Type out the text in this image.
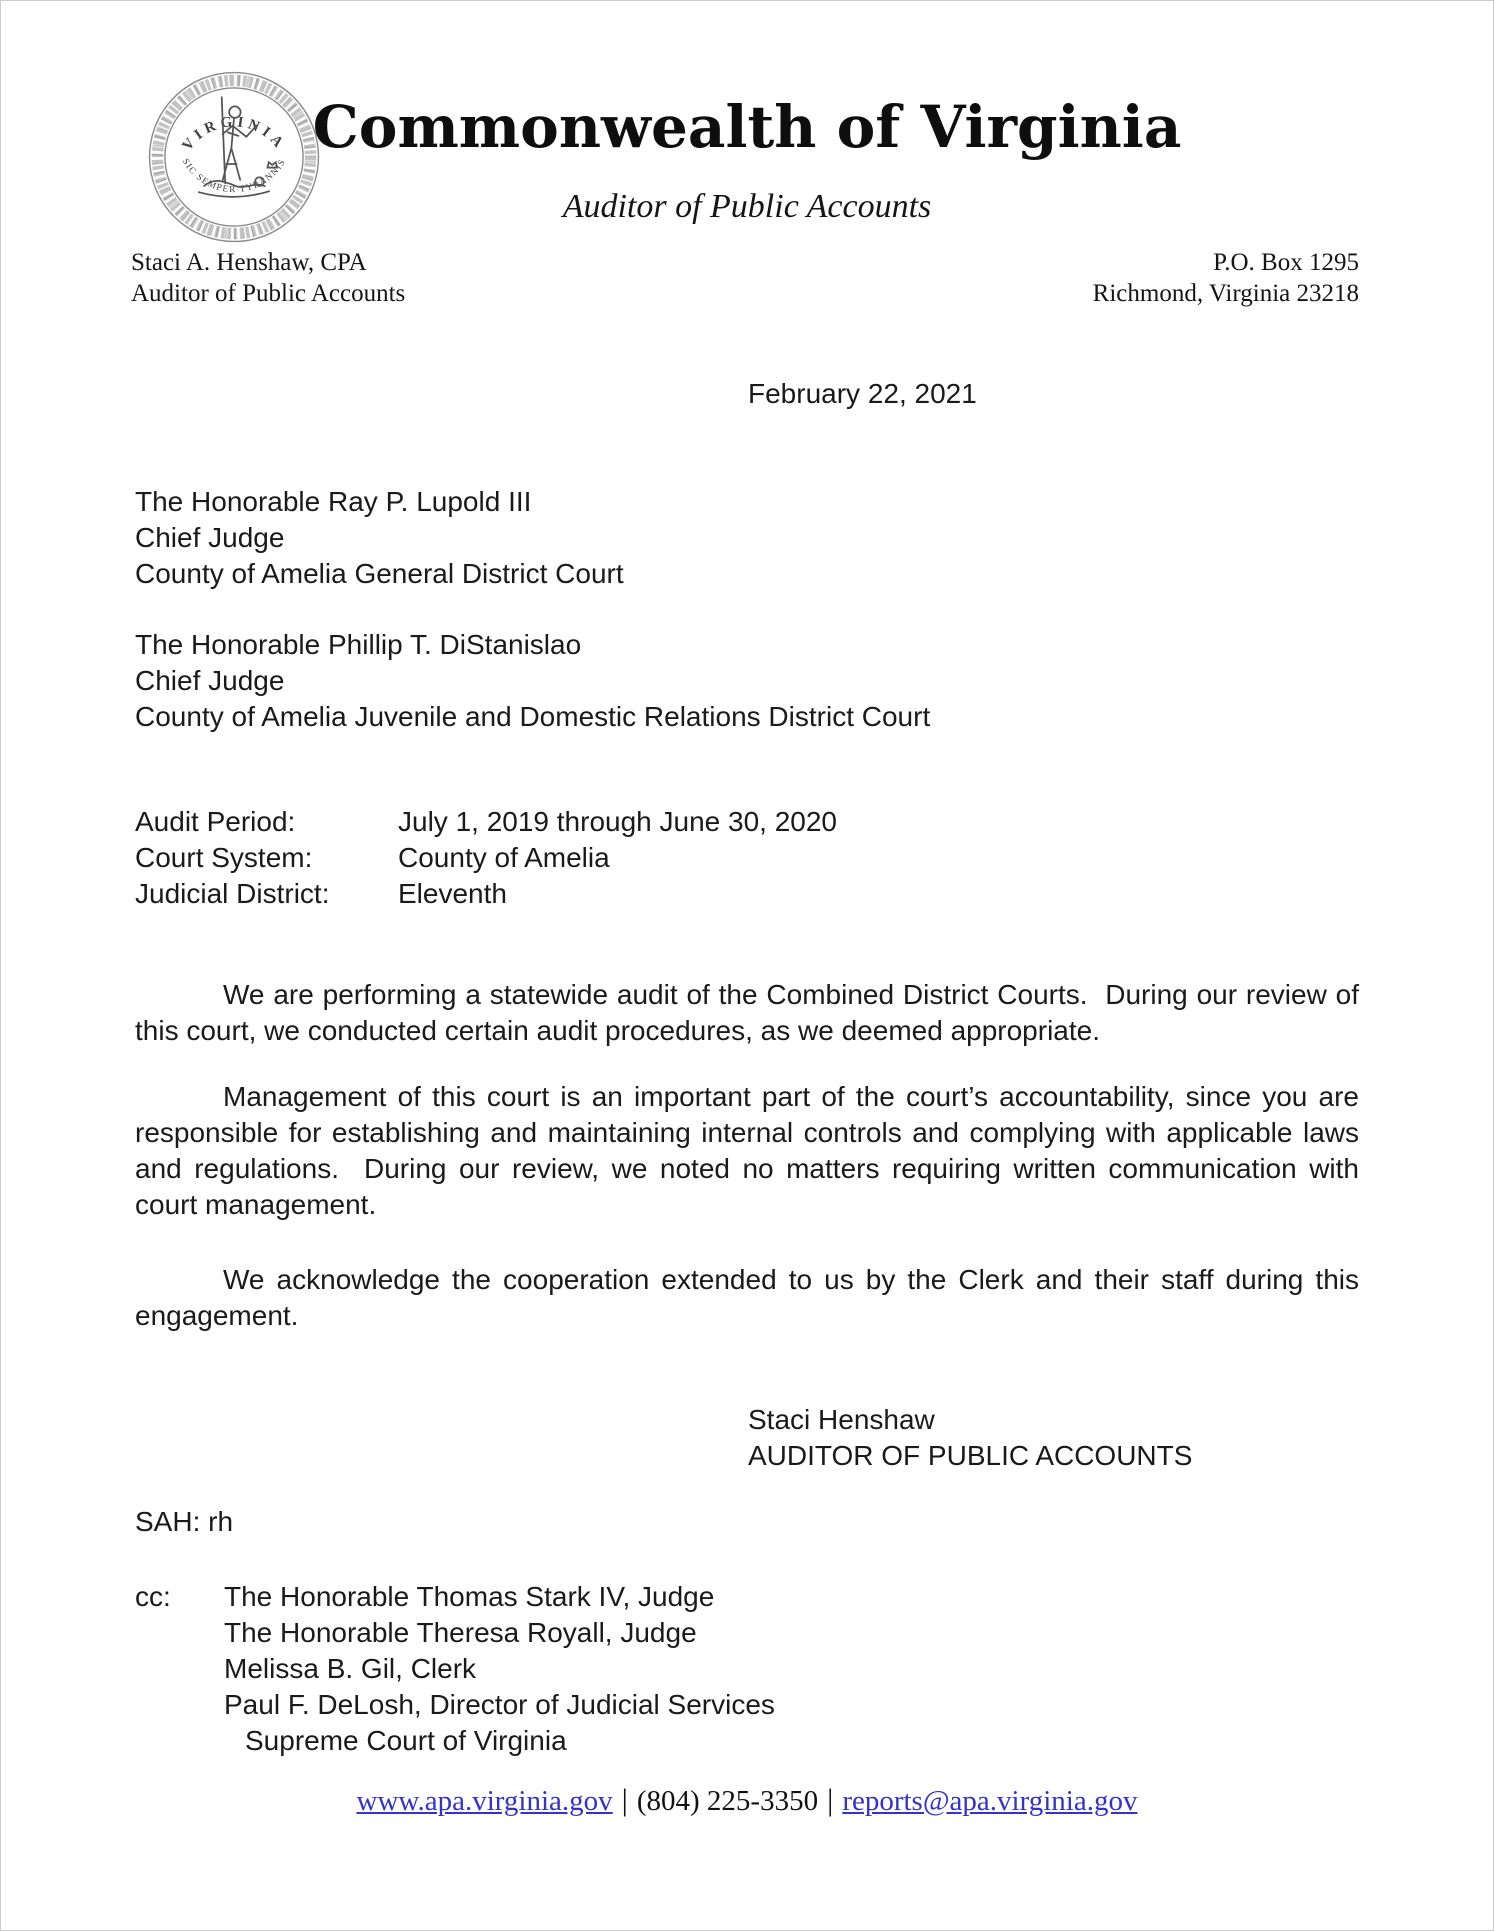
VIRGINIA
SIC SEMPER TYRANNIS
Commonwealth of Virginia
Auditor of Public Accounts
Staci A. Henshaw, CPA
Auditor of Public Accounts
P.O. Box 1295
Richmond, Virginia 23218
February 22, 2021
The Honorable Ray P. Lupold III
Chief Judge
County of Amelia General District Court
The Honorable Phillip T. DiStanislao
Chief Judge
County of Amelia Juvenile and Domestic Relations District Court
Audit Period:	July 1, 2019 through June 30, 2020
Court System:	County of Amelia
Judicial District:	Eleventh

We are performing a statewide audit of the Combined District Courts.  During our review of this court, we conducted certain audit procedures, as we deemed appropriate.

Management of this court is an important part of the court’s accountability, since you are responsible for establishing and maintaining internal controls and complying with applicable laws and regulations.  During our review, we noted no matters requiring written communication with court management.

We acknowledge the cooperation extended to us by the Clerk and their staff during this engagement.

Staci Henshaw
AUDITOR OF PUBLIC ACCOUNTS
SAH: rh
cc:	The Honorable Thomas Stark IV, Judge
The Honorable Theresa Royall, Judge
Melissa B. Gil, Clerk
Paul F. DeLosh, Director of Judicial Services
Supreme Court of Virginia
www.apa.virginia.gov | (804) 225-3350 | reports@apa.virginia.gov
